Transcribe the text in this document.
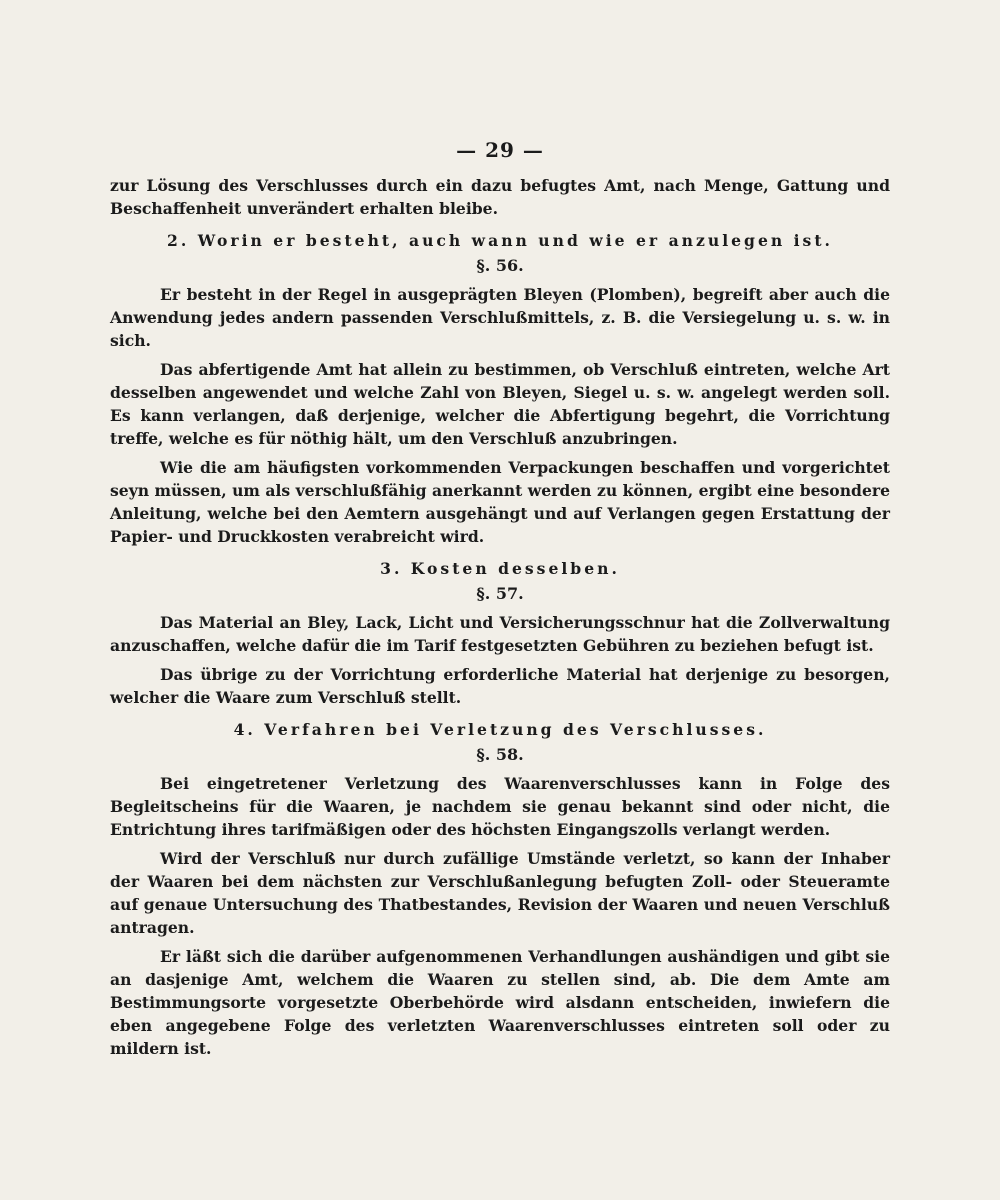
— 29 —

zur Lösung des Verschlusses durch ein dazu befugtes Amt, nach Menge, Gattung und Beschaffenheit unverändert erhalten bleibe.

2. Worin er besteht, auch wann und wie er anzulegen ist.
§. 56.

Er besteht in der Regel in ausgeprägten Bleyen (Plomben), begreift aber auch die Anwendung jedes andern passenden Verschlußmittels, z. B. die Versiegelung u. s. w. in sich.

Das abfertigende Amt hat allein zu bestimmen, ob Verschluß eintreten, welche Art desselben angewendet und welche Zahl von Bleyen, Siegel u. s. w. angelegt werden soll. Es kann verlangen, daß derjenige, welcher die Abfertigung begehrt, die Vorrichtung treffe, welche es für nöthig hält, um den Verschluß anzubringen.

Wie die am häufigsten vorkommenden Verpackungen beschaffen und vorgerichtet seyn müssen, um als verschlußfähig anerkannt werden zu können, ergibt eine besondere Anleitung, welche bei den Aemtern ausgehängt und auf Verlangen gegen Erstattung der Papier- und Druckkosten verabreicht wird.

3. Kosten desselben.
§. 57.

Das Material an Bley, Lack, Licht und Versicherungsschnur hat die Zollverwaltung anzuschaffen, welche dafür die im Tarif festgesetzten Gebühren zu beziehen befugt ist.

Das übrige zu der Vorrichtung erforderliche Material hat derjenige zu besorgen, welcher die Waare zum Verschluß stellt.

4. Verfahren bei Verletzung des Verschlusses.
§. 58.

Bei eingetretener Verletzung des Waarenverschlusses kann in Folge des Begleitscheins für die Waaren, je nachdem sie genau bekannt sind oder nicht, die Entrichtung ihres tarifmäßigen oder des höchsten Eingangszolls verlangt werden.

Wird der Verschluß nur durch zufällige Umstände verletzt, so kann der Inhaber der Waaren bei dem nächsten zur Verschlußanlegung befugten Zoll- oder Steueramte auf genaue Untersuchung des Thatbestandes, Revision der Waaren und neuen Verschluß antragen.

Er läßt sich die darüber aufgenommenen Verhandlungen aushändigen und gibt sie an dasjenige Amt, welchem die Waaren zu stellen sind, ab. Die dem Amte am Bestimmungsorte vorgesetzte Oberbehörde wird alsdann entscheiden, inwiefern die eben angegebene Folge des verletzten Waarenverschlusses eintreten soll oder zu mildern ist.
